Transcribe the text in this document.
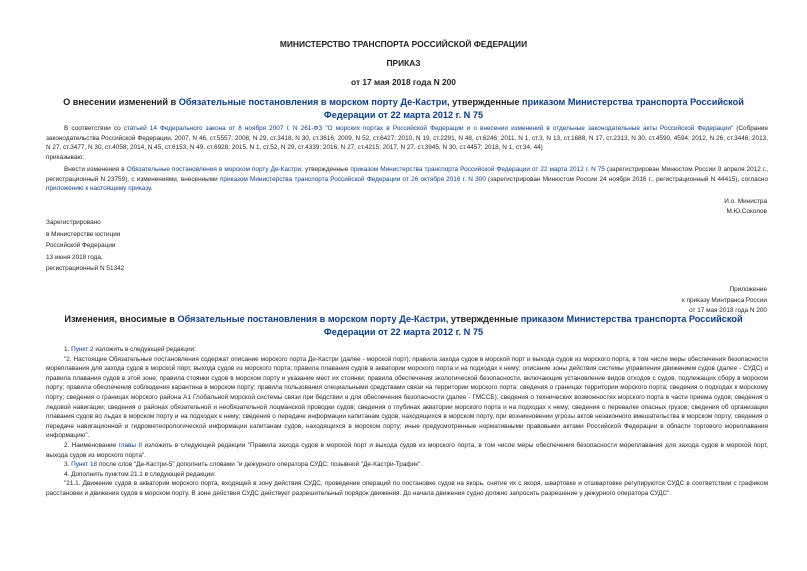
МИНИСТЕРСТВО ТРАНСПОРТА РОССИЙСКОЙ ФЕДЕРАЦИИ
ПРИКАЗ
от 17 мая 2018 года N 200
О внесении изменений в Обязательные постановления в морском порту Де-Кастри, утвержденные приказом Министерства транспорта Российской Федерации от 22 марта 2012 г. N 75

В соответствии со статьей 14 Федерального закона от 8 ноября 2007 г. N 261-ФЗ "О морских портах в Российской Федерации и о внесении изменений в отдельные законодательные акты Российской Федерации" (Собрание законодательства Российской Федерации, 2007, N 46, ст.5557; 2008, N 29, ст.3418, N 30, ст.3616; 2009, N 52, ст.6427; 2010, N 19, ст.2291, N 48, ст.6246; 2011, N 1, ст.3, N 13, ст.1688, N 17, ст.2313, N 30, ст.4590, 4594; 2012, N 26, ст.3446; 2013, N 27, ст.3477, N 30, ст.4058; 2014, N 45, ст.6153, N 49, ст.6928; 2015, N 1, ст.52, N 29, ст.4339; 2016, N 27, ст.4215; 2017, N 27, ст.3945, N 30, ст.4457; 2018, N 1, ст.34, 44)

приказываю:

Внести изменения в Обязательные постановления в морском порту Де-Кастри, утвержденные приказом Министерства транспорта Российской Федерации от 22 марта 2012 г. N 75 (зарегистрирован Минюстом России 9 апреля 2012 г., регистрационный N 23759), с изменениями, внесенными приказом Министерства транспорта Российской Федерации от 26 октября 2016 г. N 300 (зарегистрирован Минюстом России 24 ноября 2016 г., регистрационный N 44415), согласно приложению к настоящему приказу.

И.о. Министра
М.Ю.Соколов
Зарегистрировано
в Министерстве юстиции
Российской Федерации
13 июня 2018 года,
регистрационный N 51342
Приложение
к приказу Минтранса России
от 17 мая 2018 года N 200
Изменения, вносимые в Обязательные постановления в морском порту Де-Кастри, утвержденные приказом Министерства транспорта Российской Федерации от 22 марта 2012 г. N 75

1. Пункт 2 изложить в следующей редакции:

"2. Настоящие Обязательные постановления содержат описание морского порта Де-Кастри (далее - морской порт); правила захода судов в морской порт и выхода судов из морского порта, в том числе меры обеспечения безопасности мореплавания для захода судов в морской порт, выхода судов из морского порта; правила плавания судов в акватории морского порта и на подходах к нему; описание зоны действия системы управления движением судов (далее - СУДС) и правила плавания судов в этой зоне; правила стоянки судов в морском порту и указание мест их стоянки; правила обеспечения экологической безопасности, включающие установление видов отходов с судов, подлежащих сбору в морском порту; правила обеспечения соблюдения карантина в морском порту; правила пользования специальными средствами связи на территории морского порта; сведения о границах территории морского порта; сведения о подходах к морскому порту; сведения о границах морского района А1 Глобальной морской системы связи при бедствии и для обеспечения безопасности (далее - ГМССБ); сведения о технических возможностях морского порта в части приема судов; сведения о ледовой навигации; сведения о районах обязательной и необязательной лоцманской проводки судов; сведения о глубинах акватории морского порта и на подходах к нему; сведения о перевалке опасных грузов; сведения об организации плавания судов во льдах в морском порту и на подходах к нему; сведения о передаче информации капитанам судов, находящихся в морском порту, при возникновении угрозы актов незаконного вмешательства в морском порту; сведения о передаче навигационной и гидрометеорологической информации капитанам судов, находящихся в морском порту; иные предусмотренные нормативными правовыми актами Российской Федерации в области торгового мореплавания информацию".

2. Наименование главы II изложить в следующей редакции "Правила захода судов в морской порт и выхода судов из морского порта, в том числе меры обеспечения безопасности мореплавания для захода судов в морской порт, выхода судов из морского порта".

3. Пункт 18 после слов "Де-Кастри-5" дополнить словами "и дежурного оператора СУДС, позывной "Де-Кастри-Трафик".

4. Дополнить пунктом 21.1 в следующей редакции:

"21.1. Движение судов в акватории морского порта, входящей в зону действия СУДС, проведение операций по постановке судов на якорь, снятие их с якоря, швартовке и отшвартовке регулируются СУДС в соответствии с графиком расстановки и движения судов в морском порту. В зоне действия СУДС действует разрешительный порядок движения. До начала движения судно должно запросить разрешение у дежурного оператора СУДС".
